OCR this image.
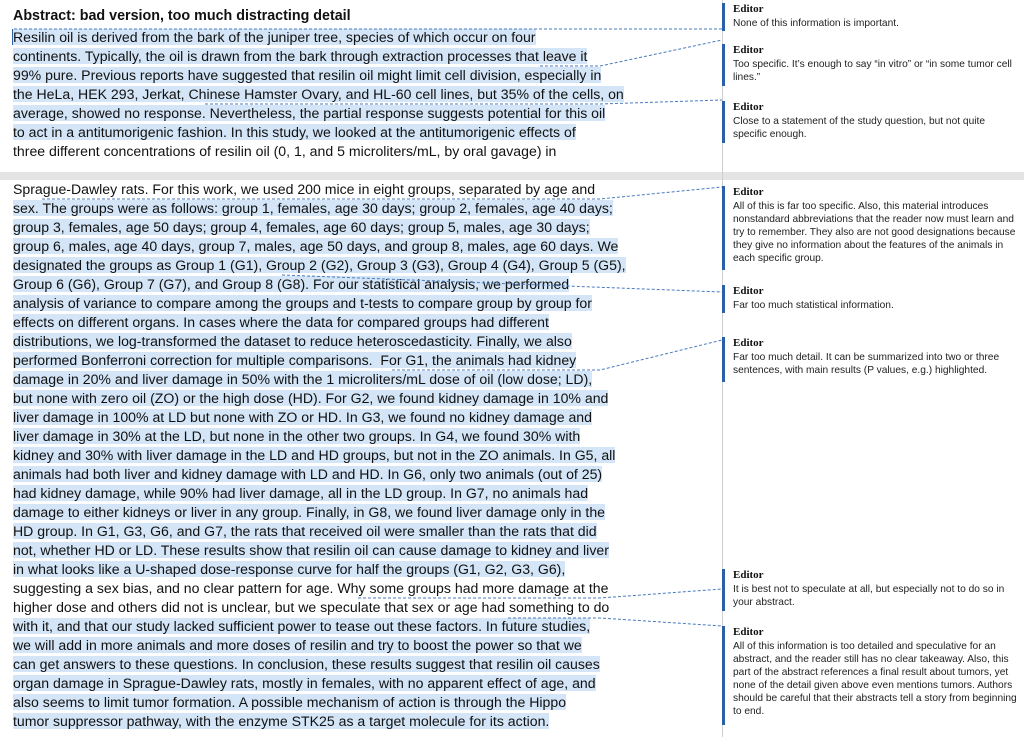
Abstract: bad version, too much distracting detail

Resilin oil is derived from the bark of the juniper tree, species of which occur on four

continents. Typically, the oil is drawn from the bark through extraction processes that leave it

99% pure. Previous reports have suggested that resilin oil might limit cell division, especially in

the HeLa, HEK 293, Jerkat, Chinese Hamster Ovary, and HL-60 cell lines, but 35% of the cells, on

average, showed no response. Nevertheless, the partial response suggests potential for this oil

to act in a antitumorigenic fashion. In this study, we looked at the antitumorigenic effects of

three different concentrations of resilin oil (0, 1, and 5 microliters/mL, by oral gavage) in

Sprague-Dawley rats. For this work, we used 200 mice in eight groups, separated by age and

sex. The groups were as follows: group 1, females, age 30 days; group 2, females, age 40 days;

group 3, females, age 50 days; group 4, females, age 60 days; group 5, males, age 30 days;

group 6, males, age 40 days, group 7, males, age 50 days, and group 8, males, age 60 days. We

designated the groups as Group 1 (G1), Group 2 (G2), Group 3 (G3), Group 4 (G4), Group 5 (G5),

Group 6 (G6), Group 7 (G7), and Group 8 (G8). For our statistical analysis, we performed

analysis of variance to compare among the groups and t-tests to compare group by group for

effects on different organs. In cases where the data for compared groups had different

distributions, we log-transformed the dataset to reduce heteroscedasticity. Finally, we also

performed Bonferroni correction for multiple comparisons.  For G1, the animals had kidney

damage in 20% and liver damage in 50% with the 1 microliters/mL dose of oil (low dose; LD),

but none with zero oil (ZO) or the high dose (HD). For G2, we found kidney damage in 10% and

liver damage in 100% at LD but none with ZO or HD. In G3, we found no kidney damage and

liver damage in 30% at the LD, but none in the other two groups. In G4, we found 30% with

kidney and 30% with liver damage in the LD and HD groups, but not in the ZO animals. In G5, all

animals had both liver and kidney damage with LD and HD. In G6, only two animals (out of 25)

had kidney damage, while 90% had liver damage, all in the LD group. In G7, no animals had

damage to either kidneys or liver in any group. Finally, in G8, we found liver damage only in the

HD group. In G1, G3, G6, and G7, the rats that received oil were smaller than the rats that did

not, whether HD or LD. These results show that resilin oil can cause damage to kidney and liver

in what looks like a U-shaped dose-response curve for half the groups (G1, G2, G3, G6),

suggesting a sex bias, and no clear pattern for age. Why some groups had more damage at the

higher dose and others did not is unclear, but we speculate that sex or age had something to do

with it, and that our study lacked sufficient power to tease out these factors. In future studies,

we will add in more animals and more doses of resilin and try to boost the power so that we

can get answers to these questions. In conclusion, these results suggest that resilin oil causes

organ damage in Sprague-Dawley rats, mostly in females, with no apparent effect of age, and

also seems to limit tumor formation. A possible mechanism of action is through the Hippo

tumor suppressor pathway, with the enzyme STK25 as a target molecule for its action.

Editor
None of this information is important.
Editor
Too specific. It’s enough to say “in vitro” or “in some tumor cell lines.”
Editor
Close to a statement of the study question, but not quite specific enough.
Editor
All of this is far too specific. Also, this material introduces nonstandard abbreviations that the reader now must learn and try to remember. They also are not good designations because they give no information about the features of the animals in each specific group.
Editor
Far too much statistical information.
Editor
Far too much detail. It can be summarized into two or three sentences, with main results (P values, e.g.) highlighted.
Editor
It is best not to speculate at all, but especially not to do so in your abstract.
Editor
All of this information is too detailed and speculative for an abstract, and the reader still has no clear takeaway. Also, this part of the abstract references a final result about tumors, yet none of the detail given above even mentions tumors. Authors should be careful that their abstracts tell a story from beginning to end.
